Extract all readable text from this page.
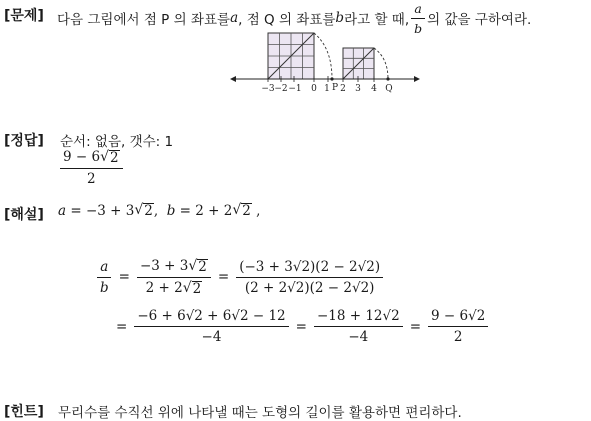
[문제] 다음 그림에서 점 P 의 좌표를 a , 점 Q 의 좌표를 b 라고 할 때, $\frac{a}{b}$ 의 값을 구하여라.
−3 −2 −1 0 1 2 3 4
P	Q
[정답] 순서: 없음, 갯수: 1
$\frac{9 - 6 √ 2}{2}$
[해설] a = −3 + 3 √ 2 , b = 2 + 2 √ 2 ,
$\frac{a}{b} = \frac{-3 + 3 √ 2}{2 + 2 √ 2} = \frac{(-3 + 3√2)(2 - 2√2)}{(2 + 2√2)(2 - 2√2)}$
= $\frac{-6 + 6√2 + 6√2 - 12}{-4} = \frac{-18 + 12√2}{-4} = \frac{9 - 6√2}{2}$
[힌트] 무리수를 수직선 위에 나타낼 때는 도형의 길이를 활용하면 편리하다.
